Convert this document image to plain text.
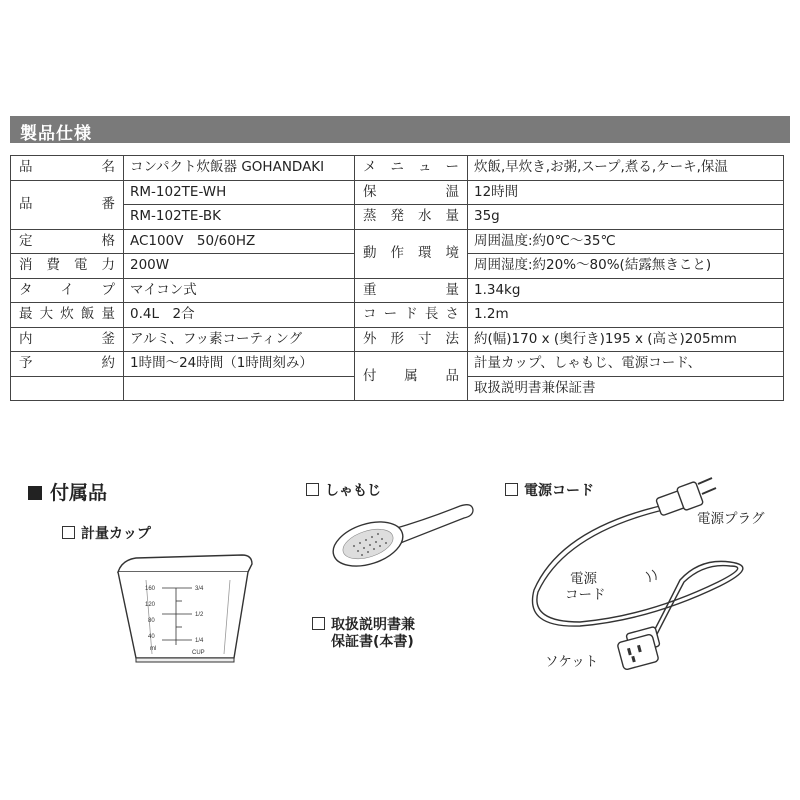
製品仕様
品　　　名	コンパクト炊飯器 GOHANDAKI	メニュー	炊飯,早炊き,お粥,スープ,煮る,ケーキ,保温
品　　　番	RM-102TE-WH	保　　　温	12時間
	RM-102TE-BK	蒸発水量	35g
定　　　格	AC100V　50/60HZ	動作環境	周囲温度:約0℃〜35℃
消費電力	200W		周囲湿度:約20%〜80%(結露無きこと)
タイプ	マイコン式	重　　　量	1.34kg
最大炊飯量	0.4L　2合	コード長さ	1.2m
内　　　釜	アルミ、フッ素コーティング	外形寸法	約(幅)170 x (奥行き)195 x (高さ)205mm
予　　　約	1時間〜24時間（1時間刻み）	付　属　品	計量カップ、しゃもじ、電源コード、
			取扱説明書兼保証書
付属品
計量カップ
しゃもじ	電源コード
取扱説明書兼
保証書(本書)
160
120
80
40
ml
3/4
1/2
1/4
CUP
電源プラグ
電源
コード
ソケット
